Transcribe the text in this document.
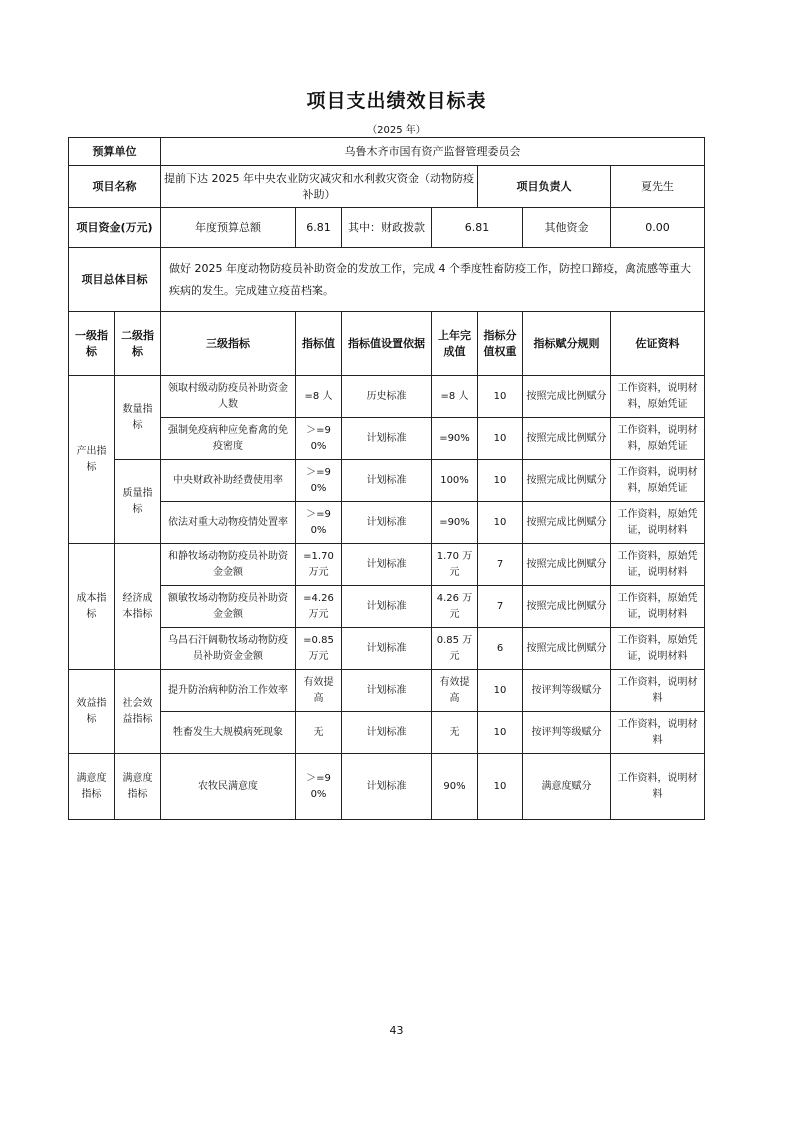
项目支出绩效目标表
（2025 年）
预算单位		乌鲁木齐市国有资产监督管理委员会						
项目名称		提前下达 2025 年中央农业防灾减灾和水利救灾资金（动物防疫补助）				项目负责人		夏先生
项目资金(万元)		年度预算总额	6.81	其中：财政拨款	6.81		其他资金	0.00
项目总体目标		做好 2025 年度动物防疫员补助资金的发放工作，完成 4 个季度牲畜防疫工作，防控口蹄疫，禽流感等重大疾病的发生。完成建立疫苗档案。						
一级指标	二级指标	三级指标	指标值	指标值设置依据	上年完成值	指标分值权重	指标赋分规则	佐证资料
产出指标	数量指标	领取村级动防疫员补助资金人数	=8 人	历史标准	=8 人	10	按照完成比例赋分	工作资料，说明材料，原始凭证
		强制免疫病种应免畜禽的免疫密度	＞=90%	计划标准	=90%	10	按照完成比例赋分	工作资料，说明材料，原始凭证
	质量指标	中央财政补助经费使用率	＞=90%	计划标准	100%	10	按照完成比例赋分	工作资料，说明材料，原始凭证
		依法对重大动物疫情处置率	＞=90%	计划标准	=90%	10	按照完成比例赋分	工作资料，原始凭证，说明材料
成本指标	经济成本指标	和静牧场动物防疫员补助资金金额	=1.70 万元	计划标准	1.70 万元	7	按照完成比例赋分	工作资料，原始凭证，说明材料
		额敏牧场动物防疫员补助资金金额	=4.26 万元	计划标准	4.26 万元	7	按照完成比例赋分	工作资料，原始凭证，说明材料
		乌昌石汗阔勒牧场动物防疫员补助资金金额	=0.85 万元	计划标准	0.85 万元	6	按照完成比例赋分	工作资料，原始凭证，说明材料
效益指标	社会效益指标	提升防治病种防治工作效率	有效提高	计划标准	有效提高	10	按评判等级赋分	工作资料，说明材料
		牲畜发生大规模病死现象	无	计划标准	无	10	按评判等级赋分	工作资料，说明材料
满意度指标	满意度指标	农牧民满意度	＞=90%	计划标准	90%	10	满意度赋分	工作资料，说明材料
43
